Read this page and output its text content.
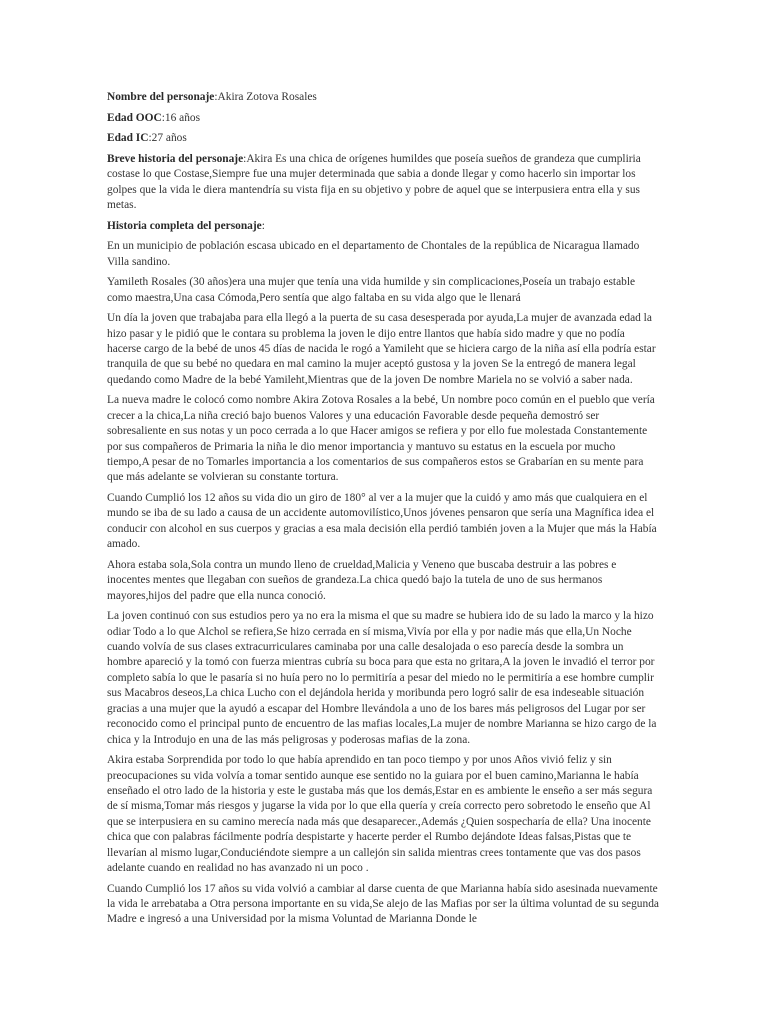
Nombre del personaje:Akira Zotova Rosales

Edad OOC:16 años

Edad IC:27 años

Breve historia del personaje:Akira Es una chica de orígenes humildes que poseía sueños de grandeza que cumpliria costase lo que Costase,Siempre fue una mujer determinada que sabia a donde llegar y como hacerlo sin importar los golpes que la vida le diera mantendría su vista fija en su objetivo y pobre de aquel que se interpusiera entra ella y sus metas.

Historia completa del personaje:

En un municipio de población escasa ubicado en el departamento de Chontales de la república de Nicaragua llamado Villa sandino.

Yamileth Rosales (30 años)era una mujer que tenía una vida humilde y sin complicaciones,Poseía un trabajo estable como maestra,Una casa Cómoda,Pero sentía que algo faltaba en su vida algo que le llenará

Un día la joven que trabajaba para ella llegó a la puerta de su casa desesperada por ayuda,La mujer de avanzada edad la hizo pasar y le pidió que le contara su problema la joven le dijo entre llantos que había sido madre y que no podía hacerse cargo de la bebé de unos 45 días de nacida le rogó a Yamileht que se hiciera cargo de la niña así ella podría estar tranquila de que su bebé no quedara en mal camino la mujer aceptó gustosa y la joven Se la entregó de manera legal quedando como Madre de la bebé Yamileht,Mientras que de la joven De nombre Mariela no se volvió a saber nada.

La nueva madre le colocó como nombre Akira Zotova Rosales a la bebé, Un nombre poco común en el pueblo que vería crecer a la chica,La niña creció bajo buenos Valores y una educación Favorable desde pequeña demostró ser sobresaliente en sus notas y un poco cerrada a lo que Hacer amigos se refiera y por ello fue molestada Constantemente por sus compañeros de Primaria la niña le dio menor importancia y mantuvo su estatus en la escuela por mucho tiempo,A pesar de no Tomarles importancia a los comentarios de sus compañeros estos se Grabarían en su mente para que más adelante se volvieran su constante tortura.

Cuando Cumplió los 12 años su vida dio un giro de 180° al ver a la mujer que la cuidó y amo más que cualquiera en el mundo se iba de su lado a causa de un accidente automovilístico,Unos jóvenes pensaron que sería una Magnífica idea el conducir con alcohol en sus cuerpos y gracias a esa mala decisión ella perdió también joven a la Mujer que más la Había amado.

Ahora estaba sola,Sola contra un mundo lleno de crueldad,Malicia y Veneno que buscaba destruir a las pobres e inocentes mentes que llegaban con sueños de grandeza.La chica quedó bajo la tutela de uno de sus hermanos mayores,hijos del padre que ella nunca conoció.

La joven continuó con sus estudios pero ya no era la misma el que su madre se hubiera ido de su lado la marco y la hizo odiar Todo a lo que Alchol se refiera,Se hizo cerrada en sí misma,Vivía por ella y por nadie más que ella,Un Noche cuando volvía de sus clases extracurriculares caminaba por una calle desalojada o eso parecía desde la sombra un hombre apareció y la tomó con fuerza mientras cubría su boca para que esta no gritara,A la joven le invadió el terror por completo sabía lo que le pasaría si no huía pero no lo permitiría a pesar del miedo no le permitiría a ese hombre cumplir sus Macabros deseos,La chica Lucho con el dejándola herida y moribunda pero logró salir de esa indeseable situación gracias a una mujer que la ayudó a escapar del Hombre llevándola a uno de los bares más peligrosos del Lugar por ser reconocido como el principal punto de encuentro de las mafias locales,La mujer de nombre Marianna se hizo cargo de la chica y la Introdujo en una de las más peligrosas y poderosas mafias de la zona.

Akira estaba Sorprendida por todo lo que había aprendido en tan poco tiempo y por unos Años vivió feliz y sin preocupaciones su vida volvía a tomar sentido aunque ese sentido no la guiara por el buen camino,Marianna le había enseñado el otro lado de la historia y este le gustaba más que los demás,Estar en es ambiente le enseño a ser más segura de sí misma,Tomar más riesgos y jugarse la vida por lo que ella quería y creía correcto pero sobretodo le enseño que Al que se interpusiera en su camino merecía nada más que desaparecer.,Además ¿Quien sospecharía de ella? Una inocente chica que con palabras fácilmente podría despistarte y hacerte perder el Rumbo dejándote Ideas falsas,Pistas que te llevarían al mismo lugar,Conduciéndote siempre a un callejón sin salida mientras crees tontamente que vas dos pasos adelante cuando en realidad no has avanzado ni un poco .

Cuando Cumplió los 17 años su vida volvió a cambiar al darse cuenta de que Marianna había sido asesinada nuevamente la vida le arrebataba a Otra persona importante en su vida,Se alejo de las Mafias por ser la última voluntad de su segunda Madre e ingresó a una Universidad por la misma Voluntad de Marianna Donde le
